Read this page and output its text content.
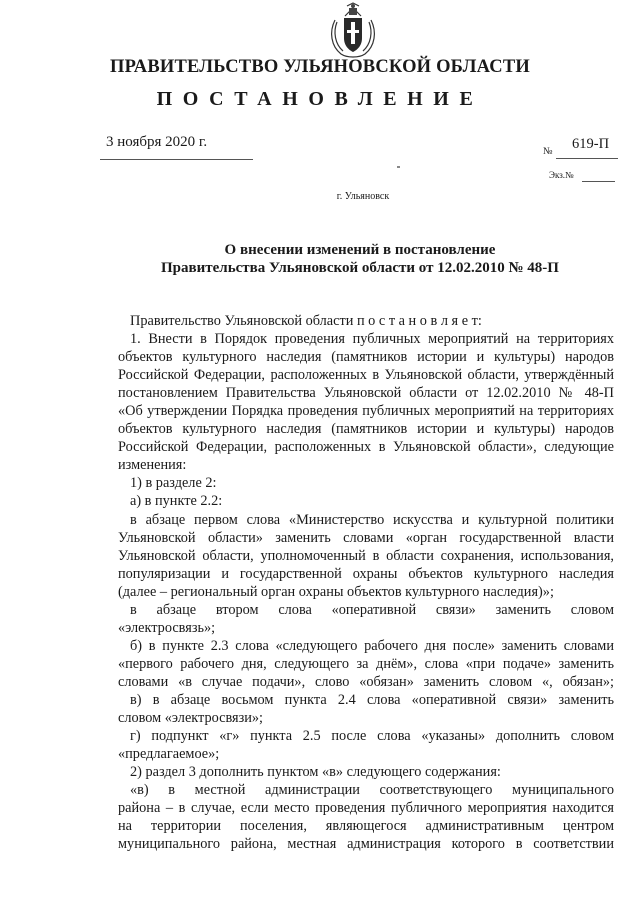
ПРАВИТЕЛЬСТВО УЛЬЯНОВСКОЙ ОБЛАСТИ
ПОСТАНОВЛЕНИЕ
3 ноября 2020 г.
№ 619-П
Экз.№
г. Ульяновск
О внесении изменений в постановление
Правительства Ульяновской области от 12.02.2010 № 48-П
Правительство Ульяновской области п о с т а н о в л я е т:
1. Внести в Порядок проведения публичных мероприятий на территориях
объектов культурного наследия (памятников истории и культуры) народов
Российской Федерации, расположенных в Ульяновской области, утверждённый
постановлением Правительства Ульяновской области от 12.02.2010 № 48-П
«Об утверждении Порядка проведения публичных мероприятий на территориях
объектов культурного наследия (памятников истории и культуры) народов
Российской Федерации, расположенных в Ульяновской области», следующие
изменения:
1) в разделе 2:
а) в пункте 2.2:
в абзаце первом слова «Министерство искусства и культурной политики
Ульяновской области» заменить словами «орган государственной власти
Ульяновской области, уполномоченный в области сохранения, использования,
популяризации и государственной охраны объектов культурного наследия
(далее – региональный орган охраны объектов культурного наследия)»;
в абзаце втором слова «оперативной связи» заменить словом
«электросвязь»;
б) в пункте 2.3 слова «следующего рабочего дня после» заменить словами
«первого рабочего дня, следующего за днём», слова «при подаче» заменить
словами «в случае подачи», слово «обязан» заменить словом «, обязан»;
в) в абзаце восьмом пункта 2.4 слова «оперативной связи» заменить
словом «электросвязи»;
г) подпункт «г» пункта 2.5 после слова «указаны» дополнить словом
«предлагаемое»;
2) раздел 3 дополнить пунктом «в» следующего содержания:
«в) в местной администрации соответствующего муниципального
района – в случае, если место проведения публичного мероприятия находится
на территории поселения, являющегося административным центром
муниципального района, местная администрация которого в соответствии
